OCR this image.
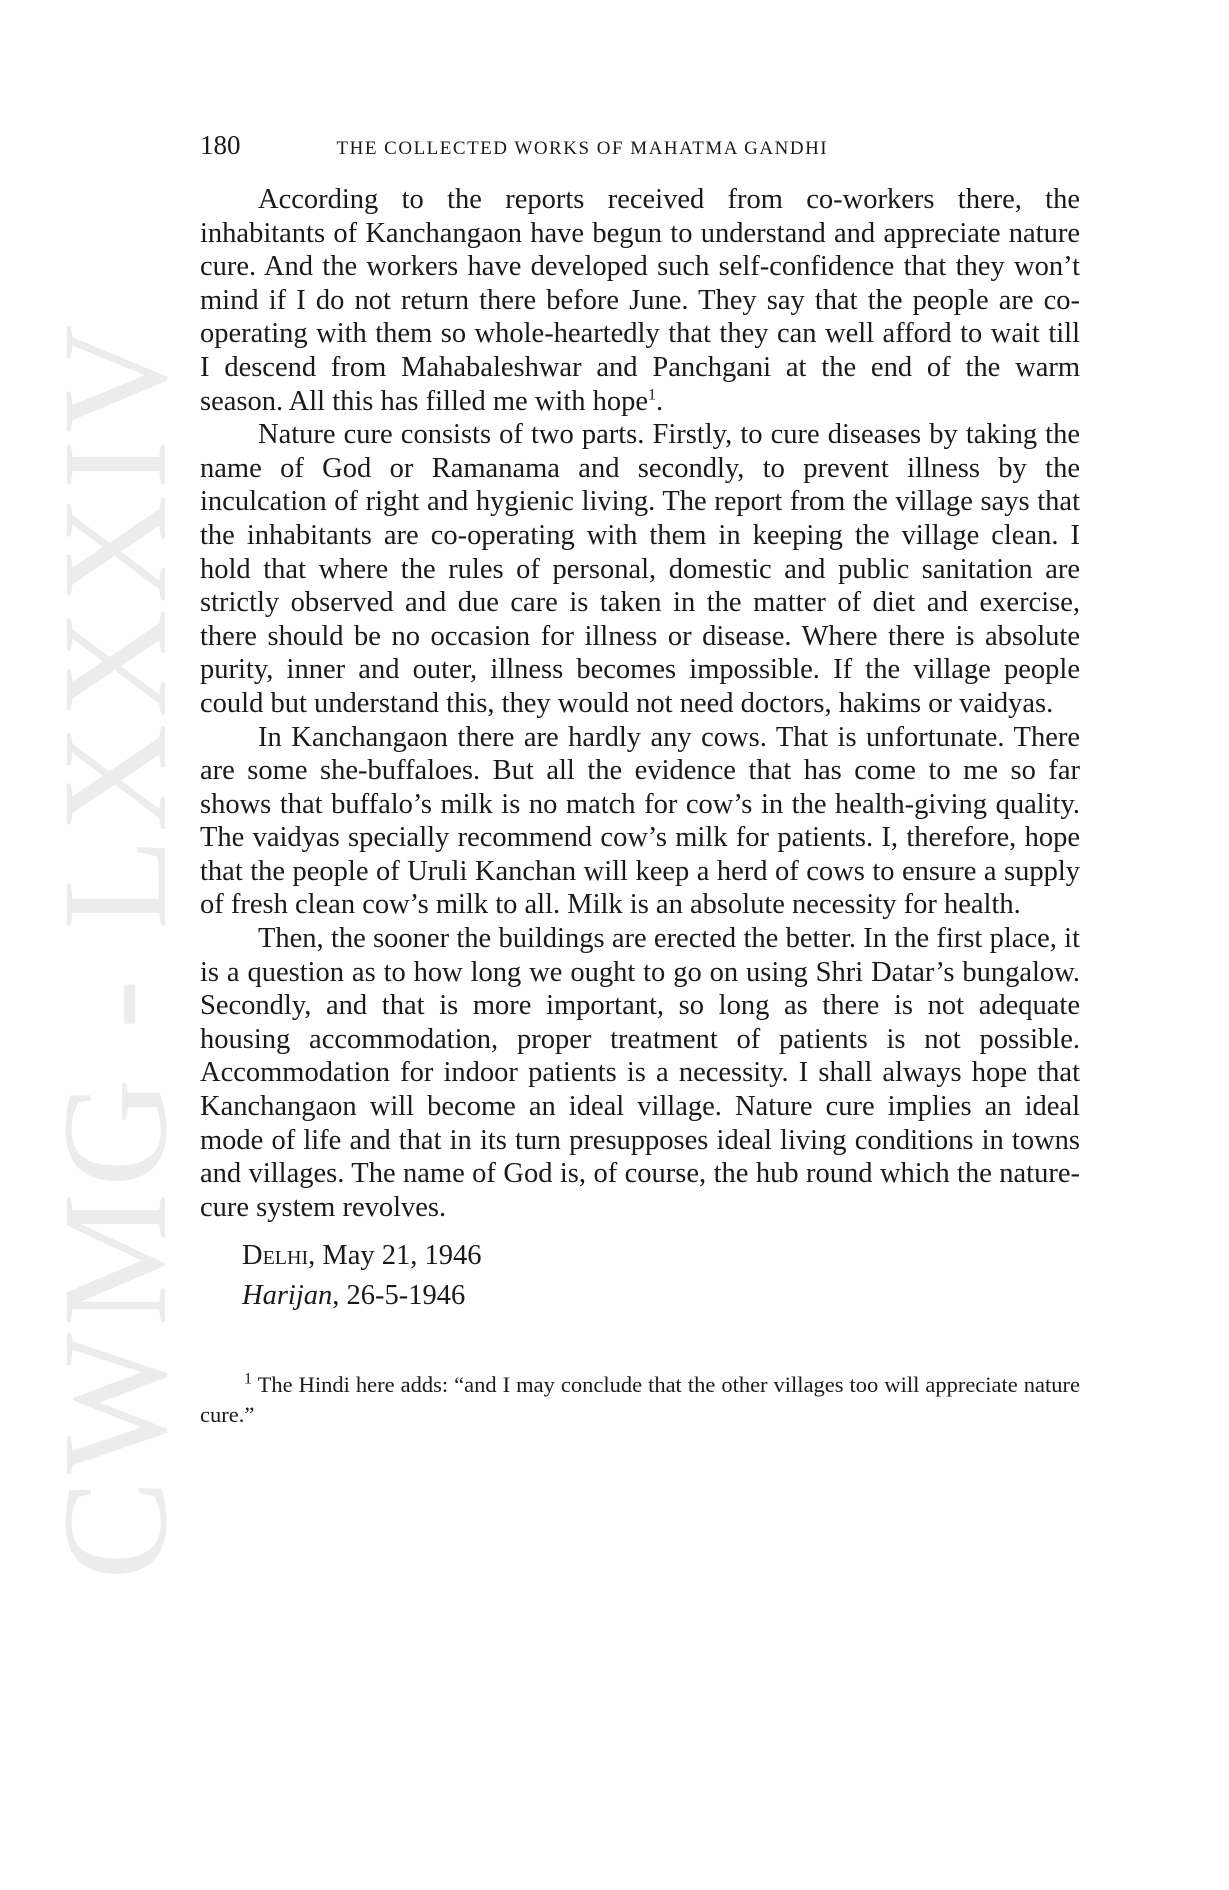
CWMG - LXXXIV
180	THE COLLECTED WORKS OF MAHATMA GANDHI

According to the reports received from co-workers there, the inhabitants of Kanchangaon have begun to understand and appreciate nature cure. And the workers have developed such self-confidence that they won’t mind if I do not return there before June. They say that the people are co-operating with them so whole-heartedly that they can well afford to wait till I descend from Mahabaleshwar and Panchgani at the end of the warm season. All this has filled me with hope$^1$.

Nature cure consists of two parts. Firstly, to cure diseases by taking the name of God or Ramanama and secondly, to prevent illness by the inculcation of right and hygienic living. The report from the village says that the inhabitants are co-operating with them in keeping the village clean. I hold that where the rules of personal, domestic and public sanitation are strictly observed and due care is taken in the matter of diet and exercise, there should be no occasion for illness or disease. Where there is absolute purity, inner and outer, illness becomes impossible. If the village people could but understand this, they would not need doctors, hakims or vaidyas.

In Kanchangaon there are hardly any cows. That is unfortunate. There are some she-buffaloes. But all the evidence that has come to me so far shows that buffalo’s milk is no match for cow’s in the health-giving quality. The vaidyas specially recommend cow’s milk for patients. I, therefore, hope that the people of Uruli Kanchan will keep a herd of cows to ensure a supply of fresh clean cow’s milk to all. Milk is an absolute necessity for health.

Then, the sooner the buildings are erected the better. In the first place, it is a question as to how long we ought to go on using Shri Datar’s bungalow. Secondly, and that is more important, so long as there is not adequate housing accommodation, proper treatment of patients is not possible. Accommodation for indoor patients is a necessity. I shall always hope that Kanchangaon will become an ideal village. Nature cure implies an ideal mode of life and that in its turn presupposes ideal living conditions in towns and villages. The name of God is, of course, the hub round which the nature-cure system revolves.

Delhi, May 21, 1946
Harijan, 26-5-1946

$^1$ The Hindi here adds: “and I may conclude that the other villages too will appreciate nature cure.”
